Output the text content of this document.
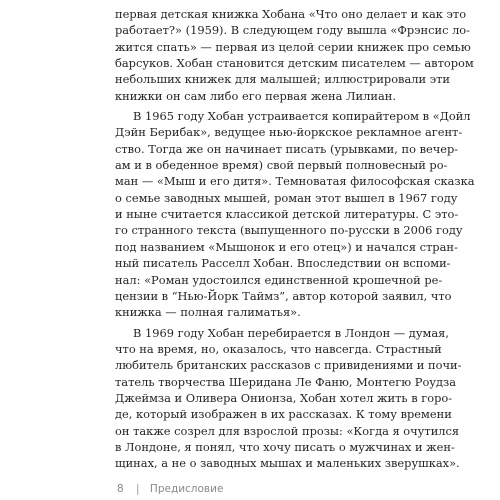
первая детская книжка Хобана «Что оно делает и как это
работает?» (1959). В следующем году вышла «Фрэнсис ло-
жится спать» — первая из целой серии книжек про семью
барсуков. Хобан становится детским писателем — автором
небольших книжек для малышей; иллюстрировали эти
книжки он сам либо его первая жена Лилиан.
В 1965 году Хобан устраивается копирайтером в «Дойл
Дэйн Берибак», ведущее нью-йоркское рекламное агент-
ство. Тогда же он начинает писать (урывками, по вечер-
ам и в обеденное время) свой первый полновесный ро-
ман — «Мыш и его дитя». Темноватая философская сказка
о семье заводных мышей, роман этот вышел в 1967 году
и ныне считается классикой детской литературы. С это-
го странного текста (выпущенного по-русски в 2006 году
под названием «Мышонок и его отец») и начался стран-
ный писатель Расселл Хобан. Впоследствии он вспоми-
нал: «Роман удостоился единственной крошечной ре-
цензии в “Нью-Йорк Таймз”, автор которой заявил, что
книжка — полная галиматья».
В 1969 году Хобан перебирается в Лондон — думая,
что на время, но, оказалось, что навсегда. Страстный
любитель британских рассказов с привидениями и почи-
татель творчества Шеридана Ле Фаню, Монтегю Роудза
Джеймза и Оливера Онионза, Хобан хотел жить в горо-
де, который изображен в их рассказах. К тому времени
он также созрел для взрослой прозы: «Когда я очутился
в Лондоне, я понял, что хочу писать о мужчинах и жен-
щинах, а не о заводных мышах и маленьких зверушках».
8 | Предисловие
